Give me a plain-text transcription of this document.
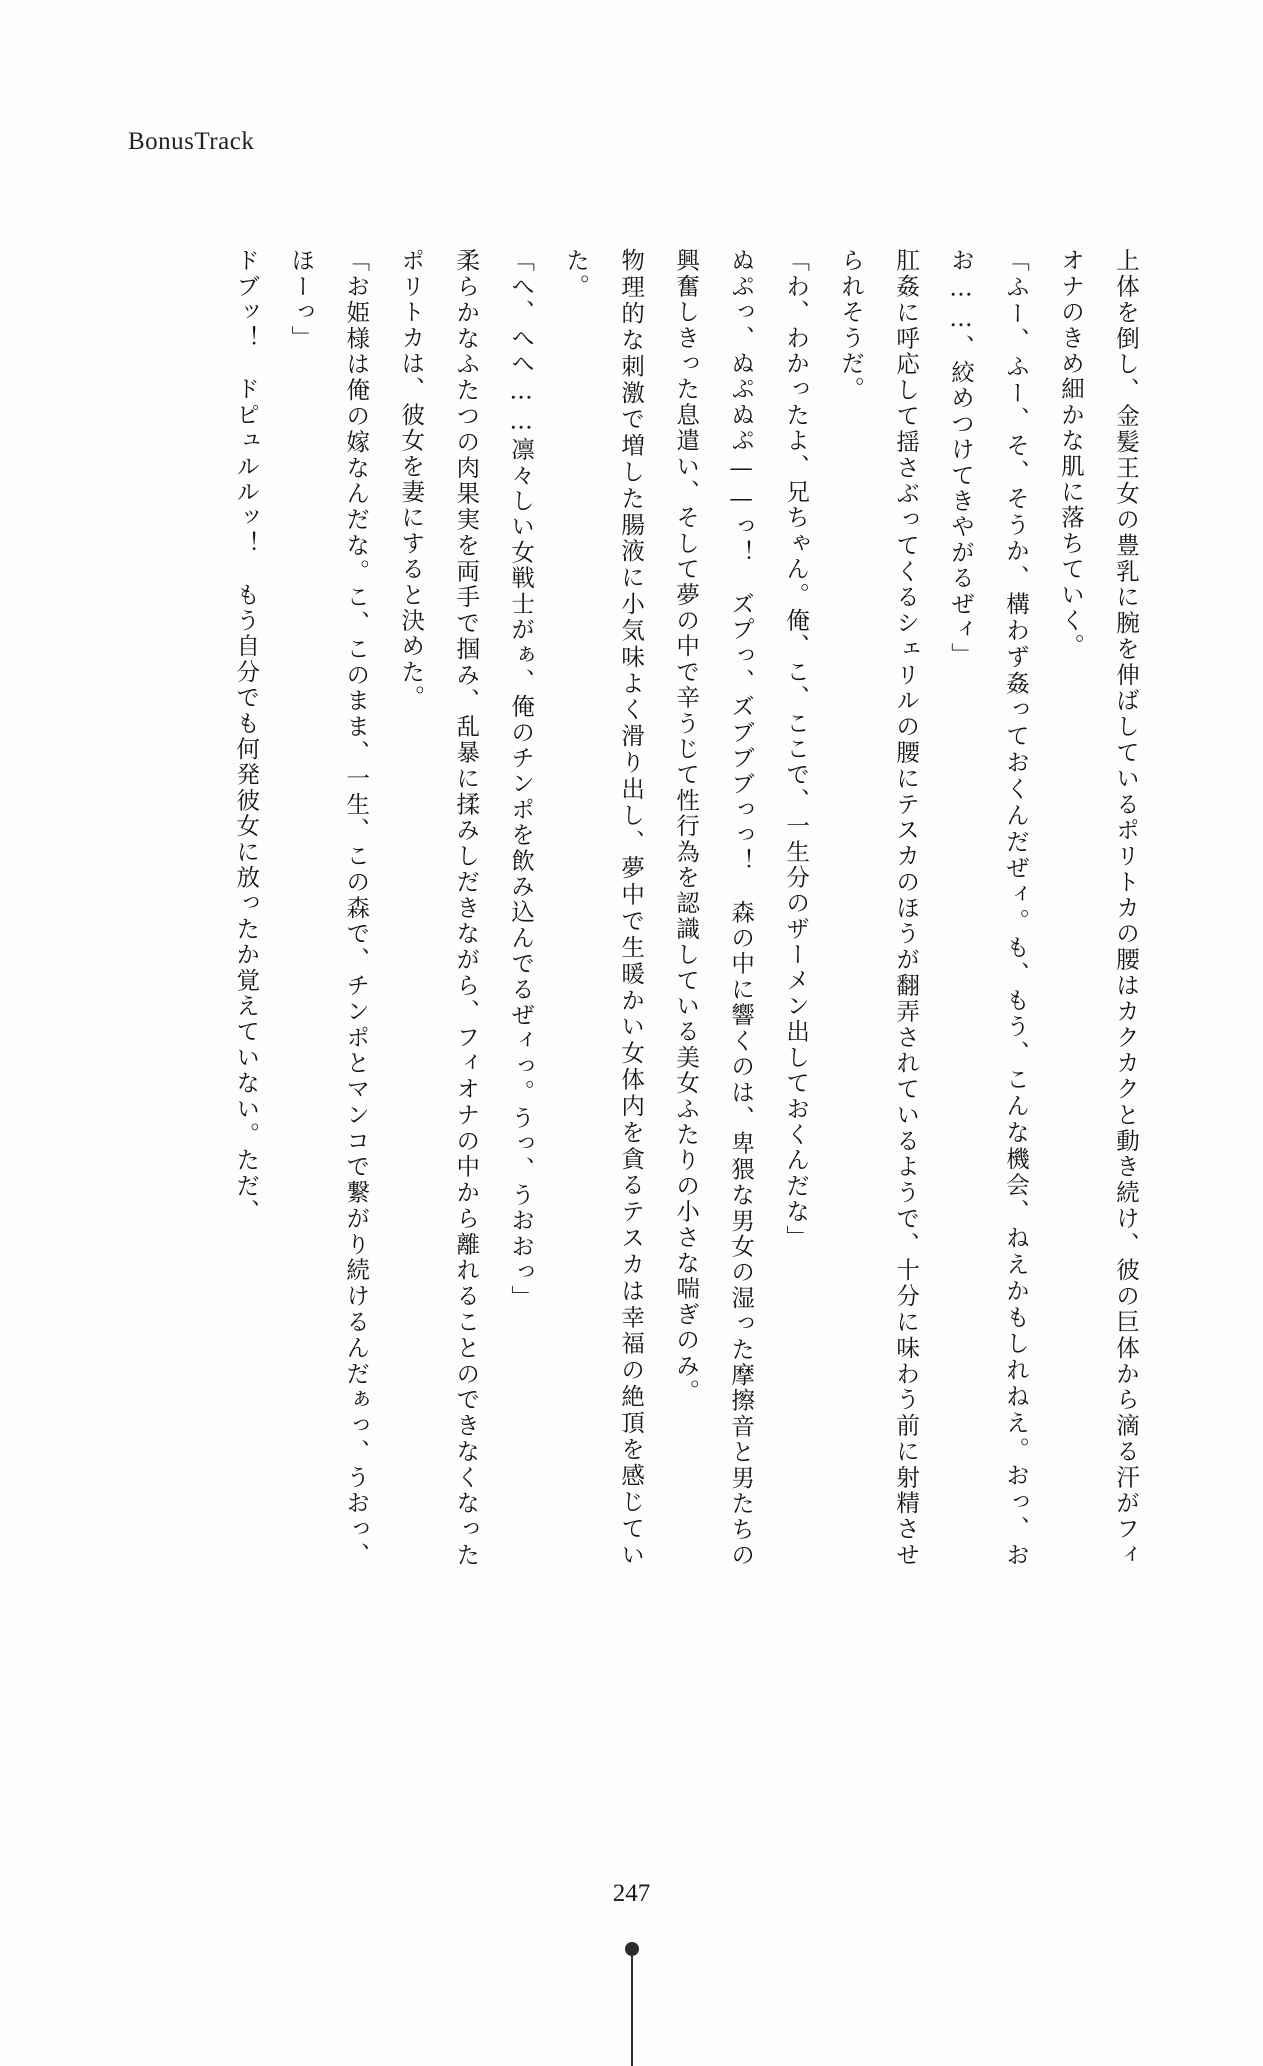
BonusTrack

上体を倒し、金髪王女の豊乳に腕を伸ばしているポリトカの腰はカクカクと動き続け、彼の巨体から滴る汗がフィオナのきめ細かな肌に落ちていく。

「ふー、ふー、そ、そうか、構わず姦っておくんだぜィ。も、もう、こんな機会、ねえかもしれねえ。おっ、おお……、絞めつけてきやがるぜィ」

肛姦に呼応して揺さぶってくるシェリルの腰にテスカのほうが翻弄されているようで、十分に味わう前に射精させられそうだ。

「わ、わかったよ、兄ちゃん。俺、こ、ここで、一生分のザーメン出しておくんだな」

ぬぷっ、ぬぷぬぷ——っ！　ズプっ、ズブブブっっ！　森の中に響くのは、卑猥な男女の湿った摩擦音と男たちの興奮しきった息遣い、そして夢の中で辛うじて性行為を認識している美女ふたりの小さな喘ぎのみ。

物理的な刺激で増した腸液に小気味よく滑り出し、夢中で生暖かい女体内を貪るテスカは幸福の絶頂を感じていた。

「へ、へへ……凛々しい女戦士がぁ、俺のチンポを飲み込んでるぜィっ。うっ、うおおっ」

柔らかなふたつの肉果実を両手で掴み、乱暴に揉みしだきながら、フィオナの中から離れることのできなくなったポリトカは、彼女を妻にすると決めた。

「お姫様は俺の嫁なんだな。こ、このまま、一生、この森で、チンポとマンコで繋がり続けるんだぁっ、うおっ、ほーっ」

ドブッ！　ドピュルルッ！　もう自分でも何発彼女に放ったか覚えていない。ただ、

247
